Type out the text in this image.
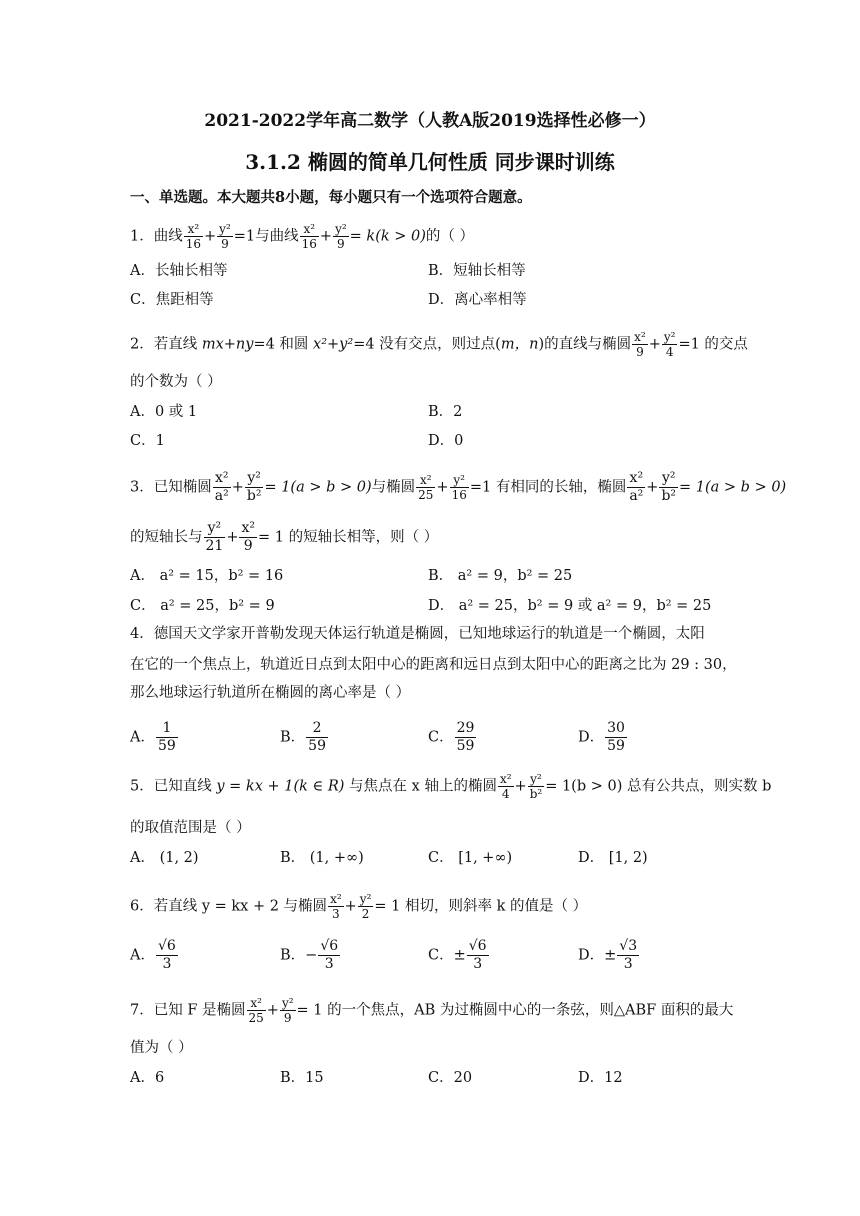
2021-2022学年高二数学（人教A版2019选择性必修一）
3.1.2 椭圆的简单几何性质 同步课时训练
一、单选题。本大题共8小题，每小题只有一个选项符合题意。
1．曲线 $\frac{\text{x²}}{16} + \frac{\text{y²}}{9} =1$与曲线 $\frac{\text{x²}}{16} + \frac{\text{y²}}{9} = k(k > 0)$的（ ）
A．长轴长相等	B．短轴长相等
C．焦距相等	D．离心率相等
2．若直线 mx+ny=4 和圆 x²+y²=4 没有交点，则过点(m，n)的直线与椭圆 $\frac{\text{x²}}{9} + \frac{\text{y²}}{4} =1$ 的交点
的个数为（ ）
A．0 或 1	B．2
C．1	D．0
3．已知椭圆 $\frac{\text{x²}}{\text{a²}} + \frac{\text{y²}}{\text{b²}} = 1(a > b > 0)$与椭圆 $\frac{\text{x²}}{25} + \frac{\text{y²}}{16} =1$ 有相同的长轴，椭圆 $\frac{\text{x²}}{\text{a²}} + \frac{\text{y²}}{\text{b²}} = 1(a > b > 0)$
的短轴长与 $\frac{\text{y²}}{21} + \frac{\text{x²}}{9} = 1$ 的短轴长相等，则（ ）
A． a² = 15，b² = 16	B． a² = 9，b² = 25
C． a² = 25，b² = 9	D． a² = 25，b² = 9 或 a² = 9，b² = 25
4．德国天文学家开普勒发现天体运行轨道是椭圆，已知地球运行的轨道是一个椭圆，太阳
在它的一个焦点上，轨道近日点到太阳中心的距离和远日点到太阳中心的距离之比为 29 : 30，
那么地球运行轨道所在椭圆的离心率是（ ）
A． $\frac{1}{59}$	B． $\frac{2}{59}$	C． $\frac{29}{59}$	D． $\frac{30}{59}$
5．已知直线 y = kx + 1(k ∈ R) 与焦点在 x 轴上的椭圆 $\frac{\text{x²}}{4} + \frac{\text{y²}}{\text{b²}} = 1(b > 0)$ 总有公共点，则实数 b
的取值范围是（ ）
A． (1, 2)	B． (1, +∞)	C． [1, +∞)	D． [1, 2)
6．若直线 y = kx + 2 与椭圆 $\frac{\text{x²}}{3} + \frac{\text{y²}}{2} = 1$ 相切，则斜率 k 的值是（ ）
A． $\frac{√6}{3}$	B．− $\frac{√6}{3}$	C．± $\frac{√6}{3}$	D．± $\frac{√3}{3}$
7．已知 F 是椭圆 $\frac{\text{x²}}{25} + \frac{\text{y²}}{9} = 1$ 的一个焦点，AB 为过椭圆中心的一条弦，则△ABF 面积的最大
值为（ ）
A．6	B．15	C．20	D．12
